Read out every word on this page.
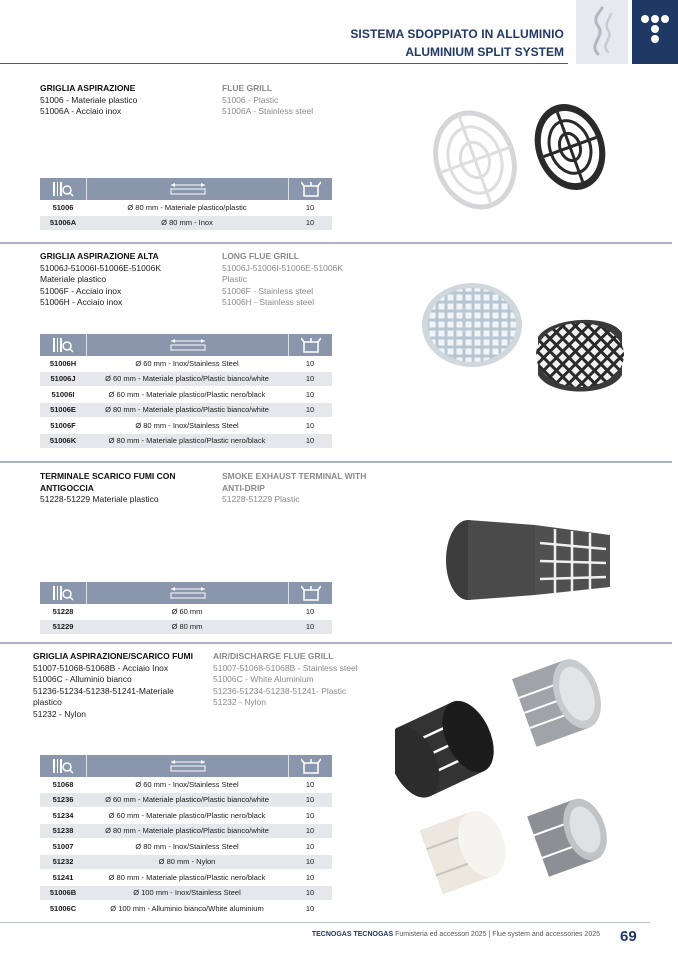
SISTEMA SDOPPIATO IN ALLUMINIO
ALUMINIUM SPLIT SYSTEM
GRIGLIA ASPIRAZIONE
51006 - Materiale plastico
51006A - Acciaio inox
FLUE GRILL
51006 - Plastic
51006A - Stainless steel
51006	Ø 80 mm - Materiale plastico/plastic	10
51006A	Ø 80 mm - Inox	10
GRIGLIA ASPIRAZIONE ALTA
51006J-51006I-51006E-51006K
Materiale plastico
51006F - Acciaio inox
51006H - Acciaio inox
LONG FLUE GRILL
51006J-51006I-51006E-51006K
Plastic
51006F - Stainless steel
51006H - Stainless steel
51006H	Ø 60 mm - Inox/Stainless Steel	10
51006J	Ø 60 mm - Materiale plastico/Plastic bianco/white	10
51006I	Ø 60 mm - Materiale plastico/Plastic nero/black	10
51006E	Ø 80 mm - Materiale plastico/Plastic bianco/white	10
51006F	Ø 80 mm - Inox/Stainless Steel	10
51006K	Ø 80 mm - Materiale plastico/Plastic nero/black	10
TERMINALE SCARICO FUMI CON
ANTIGOCCIA
51228-51229 Materiale plastico
SMOKE EXHAUST TERMINAL WITH
ANTI-DRIP
51228-51229 Plastic
51228	Ø 60 mm	10
51229	Ø 80 mm	10
GRIGLIA ASPIRAZIONE/SCARICO FUMI
51007-51068-51068B - Acciaio Inox
51006C - Alluminio bianco
51236-51234-51238-51241-Materiale
plastico
51232 - Nylon
AIR/DISCHARGE FLUE GRILL
51007-51068-51068B - Stainless steel
51006C - White Aluminium
51236-51234-51238-51241- Plastic
51232 - Nylon
51068	Ø 60 mm - Inox/Stainless Steel	10
51236	Ø 60 mm - Materiale plastico/Plastic bianco/white	10
51234	Ø 60 mm - Materiale plastico/Plastic nero/black	10
51238	Ø 80 mm - Materiale plastico/Plastic bianco/white	10
51007	Ø 80 mm - Inox/Stainless Steel	10
51232	Ø 80 mm - Nylon	10
51241	Ø 80 mm - Materiale plastico/Plastic nero/black	10
51006B	Ø 100 mm - Inox/Stainless Steel	10
51006C	Ø 100 mm - Alluminio bianco/White aluminium	10
TECNOGAS TECNOGAS Fumisteria ed accessori 2025 | Flue system and accessories 2025 69
